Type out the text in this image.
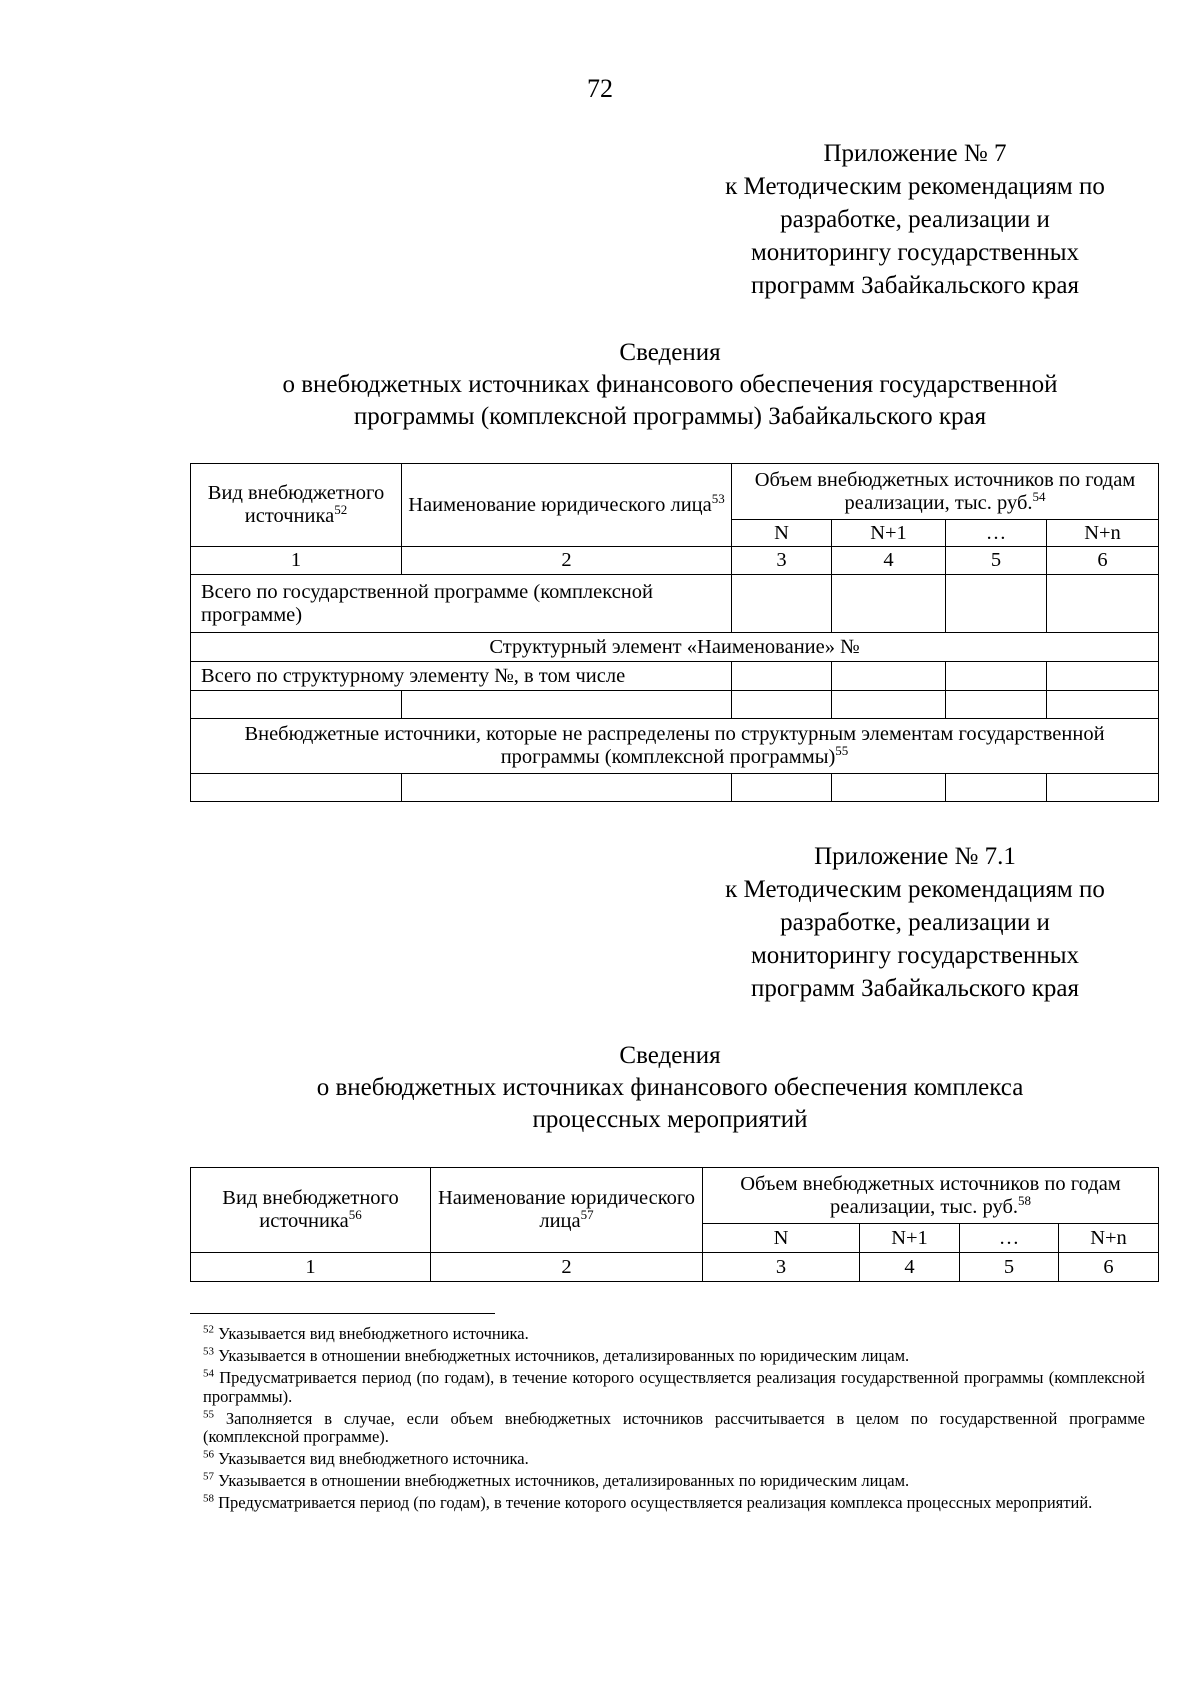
72
Приложение № 7
к Методическим рекомендациям по
разработке, реализации и
мониторингу государственных
программ Забайкальского края
Сведения
о внебюджетных источниках финансового обеспечения государственной
программы (комплексной программы) Забайкальского края
Вид внебюджетного источника$^{52}$	Наименование юридического лица$^{53}$	Объем внебюджетных источников по годам реализации, тыс. руб.$^{54}$
		N	N+1	…	N+n
1	2	3	4	5	6
Всего по государственной программе (комплексной программе)					
Структурный элемент «Наименование» №					
Всего по структурному элементу №, в том числе					

Внебюджетные источники, которые не распределены по структурным элементам государственной программы (комплексной программы)$^{55}$

Приложение № 7.1
к Методическим рекомендациям по
разработке, реализации и
мониторингу государственных
программ Забайкальского края
Сведения
о внебюджетных источниках финансового обеспечения комплекса
процессных мероприятий
Вид внебюджетного источника$^{56}$	Наименование юридического лица$^{57}$	Объем внебюджетных источников по годам реализации, тыс. руб.$^{58}$
		N	N+1	…	N+n
1	2	3	4	5	6
$^{52}$ Указывается вид внебюджетного источника.
$^{53}$ Указывается в отношении внебюджетных источников, детализированных по юридическим лицам.
$^{54}$ Предусматривается период (по годам), в течение которого осуществляется реализация государственной программы (комплексной программы).
$^{55}$ Заполняется в случае, если объем внебюджетных источников рассчитывается в целом по государственной программе (комплексной программе).
$^{56}$ Указывается вид внебюджетного источника.
$^{57}$ Указывается в отношении внебюджетных источников, детализированных по юридическим лицам.
$^{58}$ Предусматривается период (по годам), в течение которого осуществляется реализация комплекса процессных мероприятий.
